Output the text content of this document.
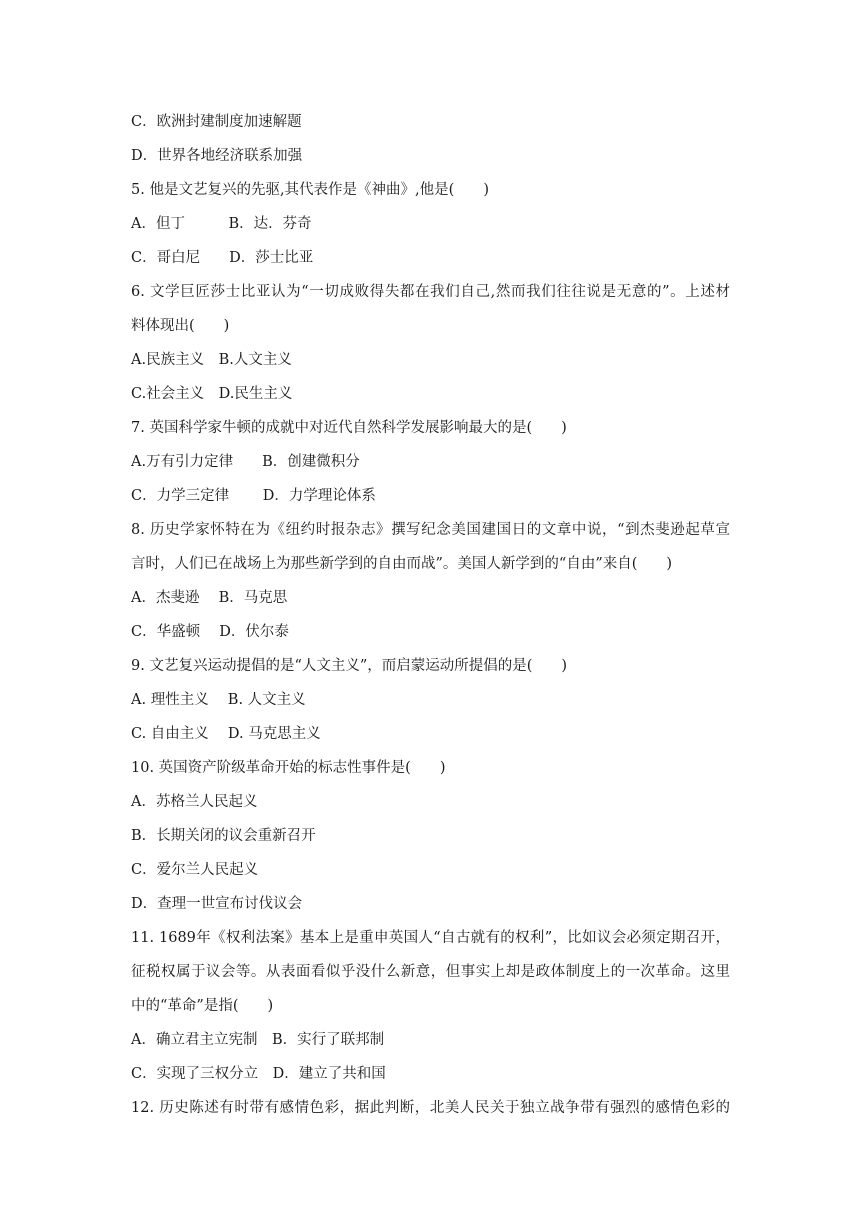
C．欧洲封建制度加速解题
D．世界各地经济联系加强
5. 他是文艺复兴的先驱,其代表作是《神曲》,他是(　　)
A．但丁　　　B．达．芬奇
C．哥白尼　　D．莎士比亚
6. 文学巨匠莎士比亚认为“一切成败得失都在我们自己,然而我们往往说是无意的”。上述材
料体现出(　　)
A.民族主义　B.人文主义
C.社会主义　D.民生主义
7. 英国科学家牛顿的成就中对近代自然科学发展影响最大的是(　　)
A.万有引力定律　　B．创建微积分
C．力学三定律　　 D．力学理论体系
8. 历史学家怀特在为《纽约时报杂志》撰写纪念美国建国日的文章中说，“到杰斐逊起草宣
言时，人们已在战场上为那些新学到的自由而战”。美国人新学到的“自由”来自(　　)
A．杰斐逊　 B．马克思
C．华盛顿　 D．伏尔泰
9. 文艺复兴运动提倡的是“人文主义”，而启蒙运动所提倡的是(　　)
A. 理性主义　 B. 人文主义
C. 自由主义　 D. 马克思主义
10. 英国资产阶级革命开始的标志性事件是(　　)
A．苏格兰人民起义
B．长期关闭的议会重新召开
C．爱尔兰人民起义
D．查理一世宣布讨伐议会
11. 1689年《权利法案》基本上是重申英国人“自古就有的权利”，比如议会必须定期召开，
征税权属于议会等。从表面看似乎没什么新意，但事实上却是政体制度上的一次革命。这里
中的“革命”是指(　　)
A．确立君主立宪制　B．实行了联邦制
C．实现了三权分立　D．建立了共和国
12. 历史陈述有时带有感情色彩，据此判断，北美人民关于独立战争带有强烈的感情色彩的
